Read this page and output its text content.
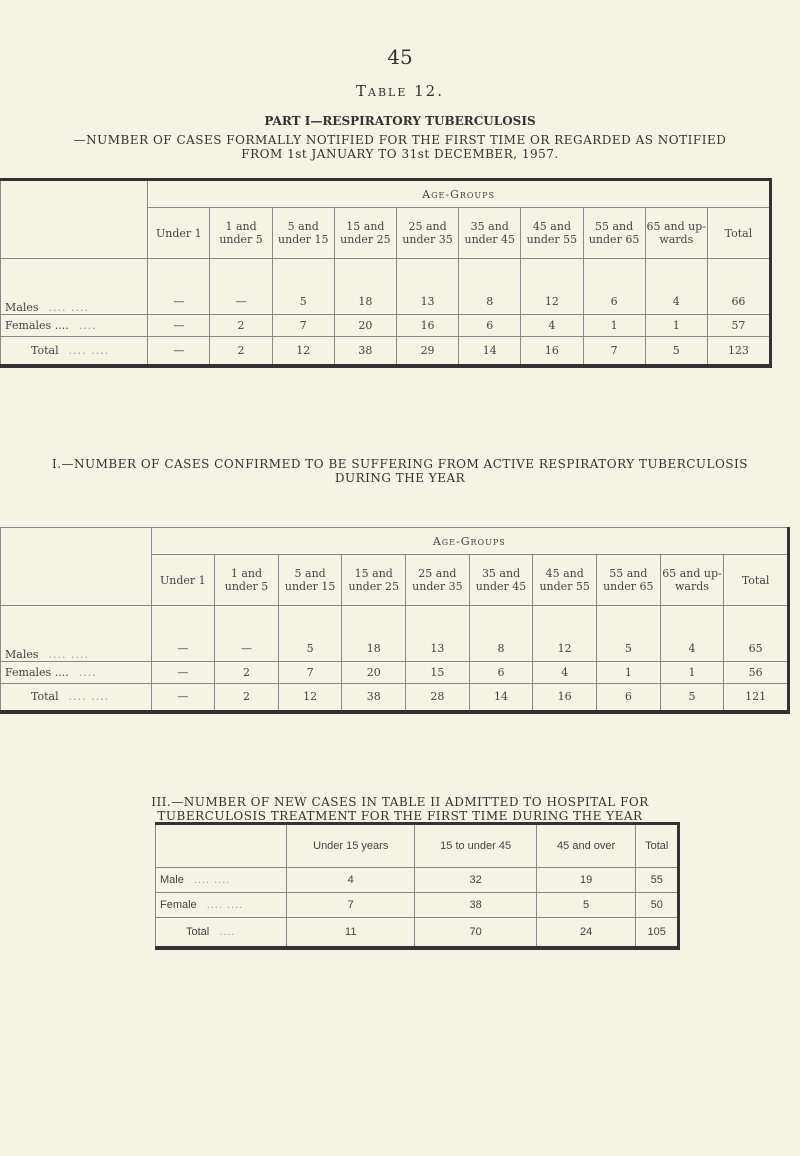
45
Table 12.
PART I—RESPIRATORY TUBERCULOSIS
—NUMBER OF CASES FORMALLY NOTIFIED FOR THE FIRST TIME OR REGARDED AS NOTIFIED
FROM 1st JANUARY TO 31st DECEMBER, 1957.
	Age-Groups									
	Under 1	1 and under 5	5 and under 15	15 and under 25	25 and under 35	35 and under 45	45 and under 55	55 and under 65	65 and up- wards	Total
Males .... ....	—	—	5	18	13	8	12	6	4	66
Females .... ....	—	2	7	20	16	6	4	1	1	57
Total .... ....	—	2	12	38	29	14	16	7	5	123
I.—NUMBER OF CASES CONFIRMED TO BE SUFFERING FROM ACTIVE RESPIRATORY TUBERCULOSIS
DURING THE YEAR
	Age-Groups									
	Under 1	1 and under 5	5 and under 15	15 and under 25	25 and under 35	35 and under 45	45 and under 55	55 and under 65	65 and up- wards	Total
Males .... ....	—	—	5	18	13	8	12	5	4	65
Females .... ....	—	2	7	20	15	6	4	1	1	56
Total .... ....	—	2	12	38	28	14	16	6	5	121
III.—NUMBER OF NEW CASES IN TABLE II ADMITTED TO HOSPITAL FOR
TUBERCULOSIS TREATMENT FOR THE FIRST TIME DURING THE YEAR
	Under 15 years	15 to under 45	45 and over	Total
Male .... ....	4	32	19	55
Female .... ....	7	38	5	50
Total ....	11	70	24	105
